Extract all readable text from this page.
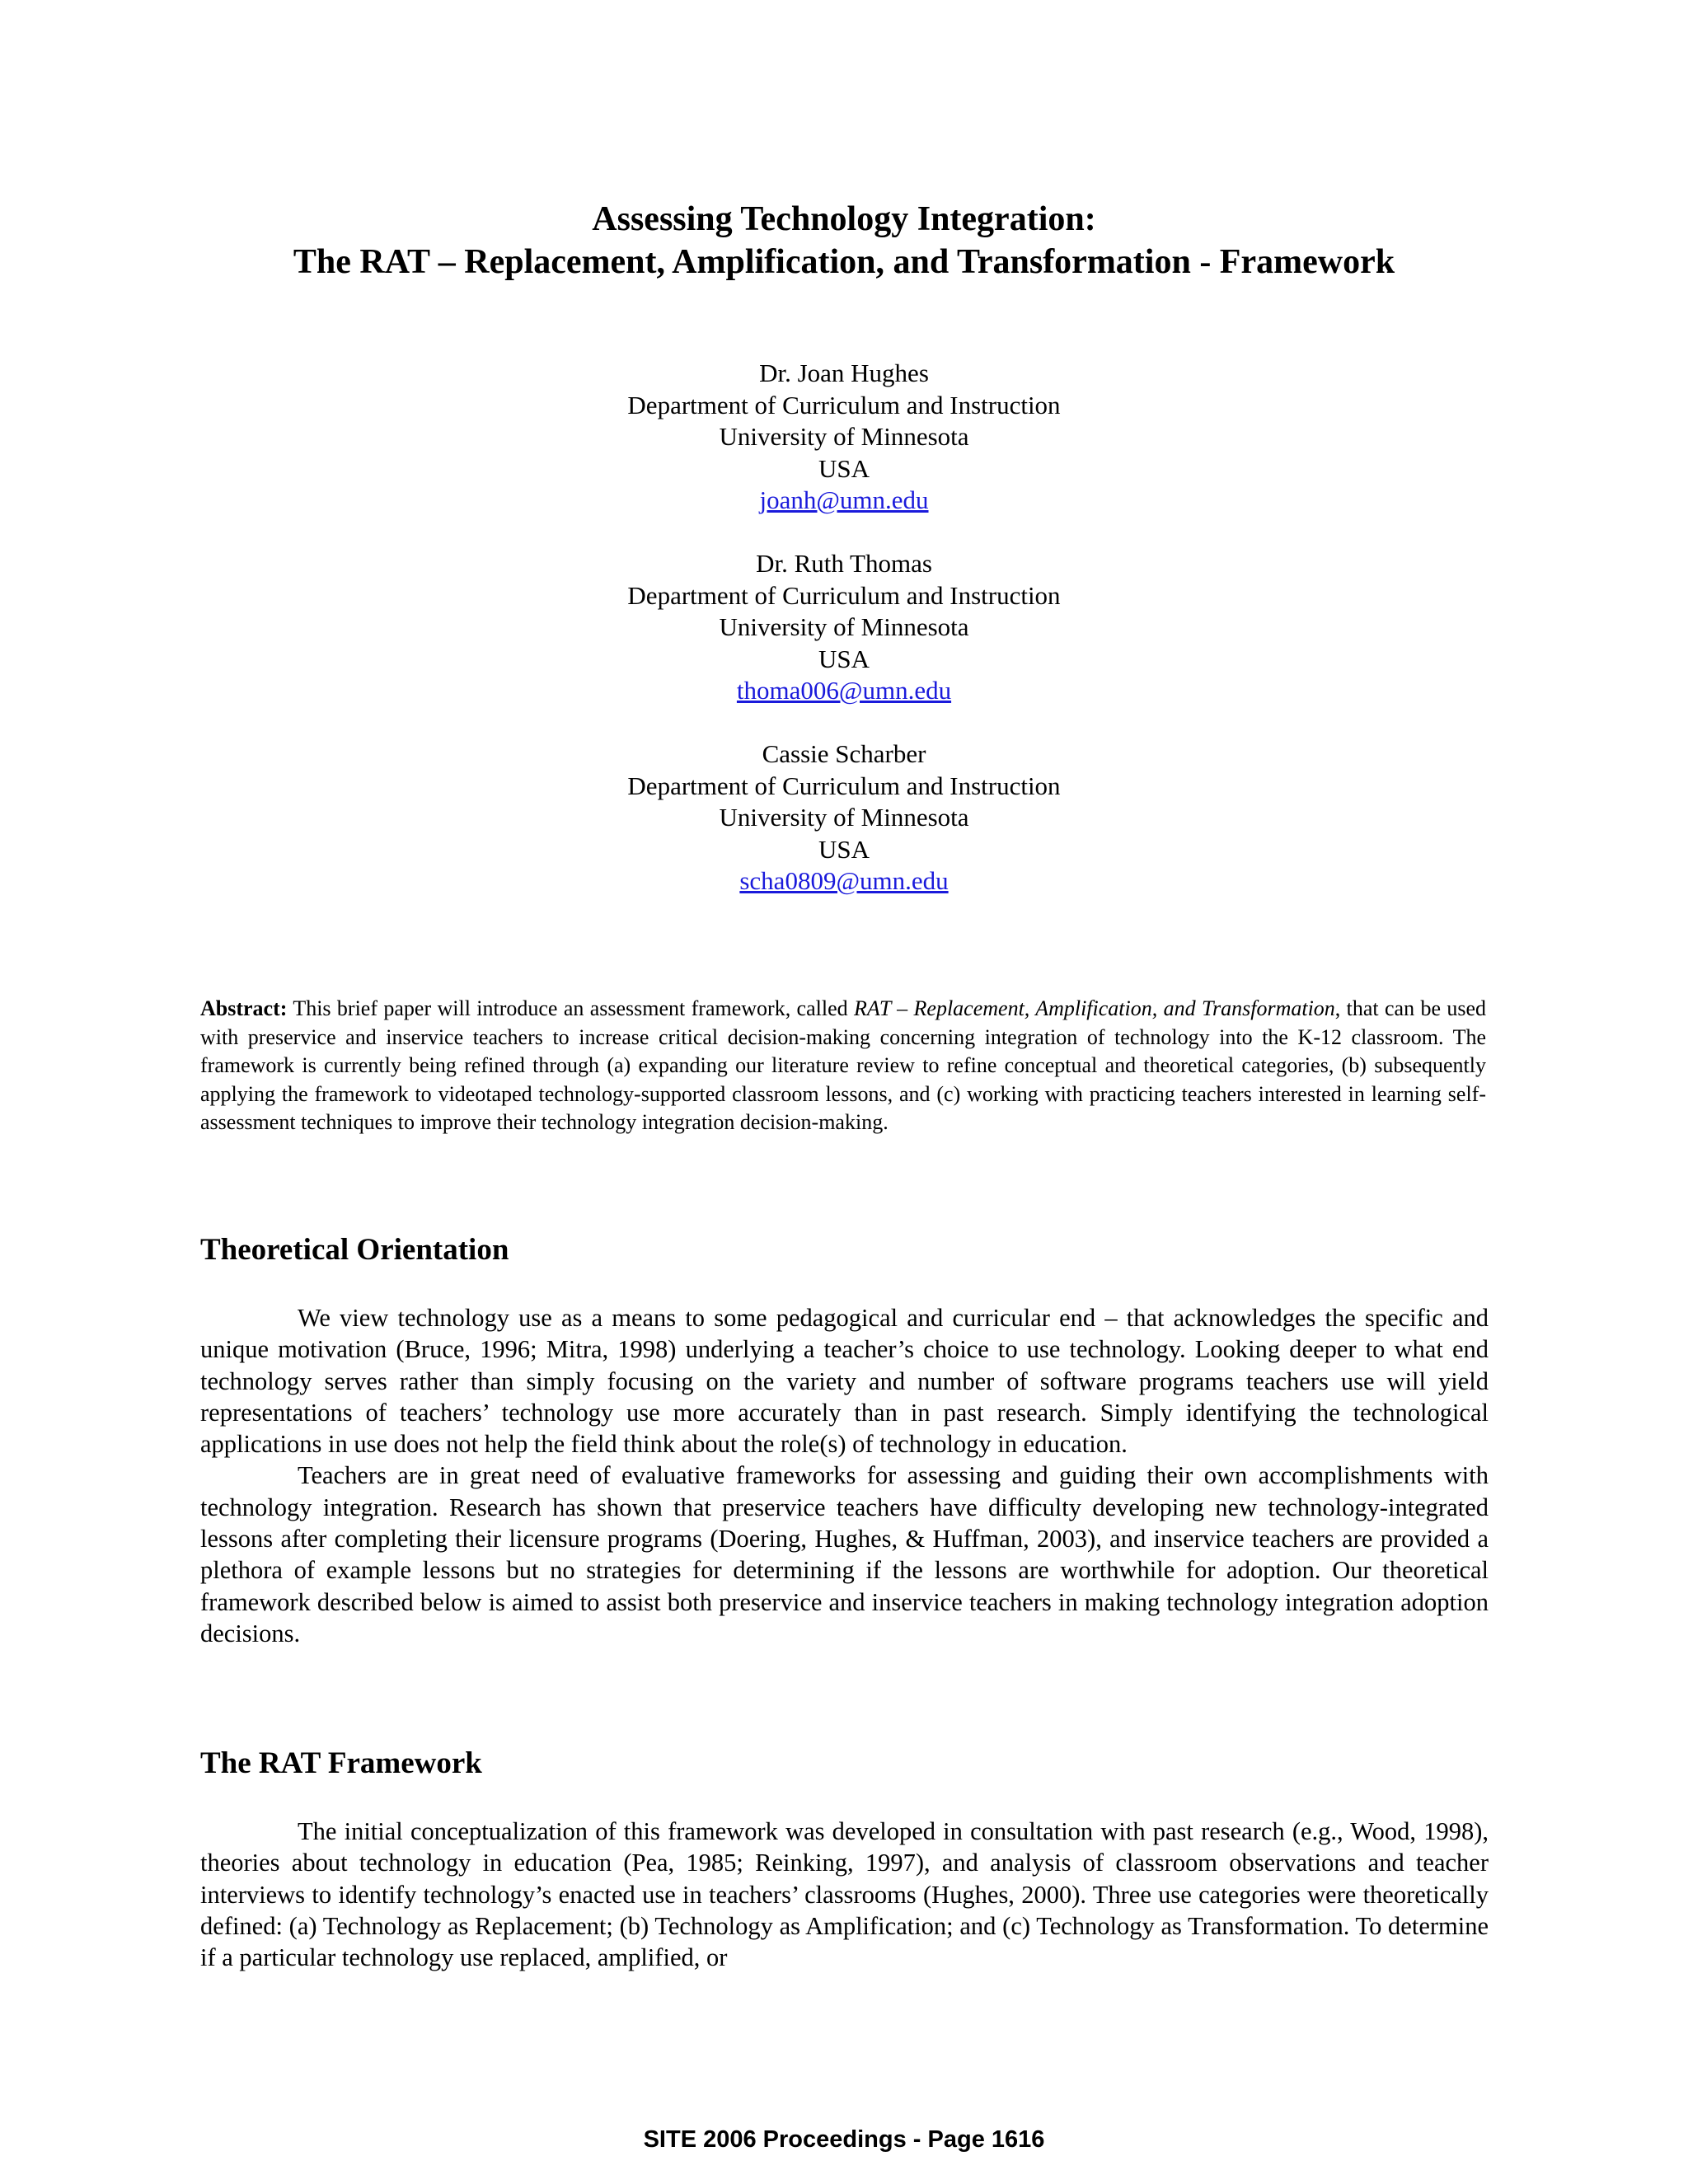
Assessing Technology Integration:
The RAT – Replacement, Amplification, and Transformation - Framework
Dr. Joan Hughes
Department of Curriculum and Instruction
University of Minnesota
USA
joanh@umn.edu
Dr. Ruth Thomas
Department of Curriculum and Instruction
University of Minnesota
USA
thoma006@umn.edu
Cassie Scharber
Department of Curriculum and Instruction
University of Minnesota
USA
scha0809@umn.edu
Abstract: This brief paper will introduce an assessment framework, called RAT – Replacement, Amplification, and Transformation, that can be used with preservice and inservice teachers to increase critical decision-making concerning integration of technology into the K-12 classroom. The framework is currently being refined through (a) expanding our literature review to refine conceptual and theoretical categories, (b) subsequently applying the framework to videotaped technology-supported classroom lessons, and (c) working with practicing teachers interested in learning self-assessment techniques to improve their technology integration decision-making.
Theoretical Orientation

We view technology use as a means to some pedagogical and curricular end – that acknowledges the specific and unique motivation (Bruce, 1996; Mitra, 1998) underlying a teacher’s choice to use technology. Looking deeper to what end technology serves rather than simply focusing on the variety and number of software programs teachers use will yield representations of teachers’ technology use more accurately than in past research. Simply identifying the technological applications in use does not help the field think about the role(s) of technology in education.

Teachers are in great need of evaluative frameworks for assessing and guiding their own accomplishments with technology integration. Research has shown that preservice teachers have difficulty developing new technology-integrated lessons after completing their licensure programs (Doering, Hughes, & Huffman, 2003), and inservice teachers are provided a plethora of example lessons but no strategies for determining if the lessons are worthwhile for adoption. Our theoretical framework described below is aimed to assist both preservice and inservice teachers in making technology integration adoption decisions.

The RAT Framework

The initial conceptualization of this framework was developed in consultation with past research (e.g., Wood, 1998), theories about technology in education (Pea, 1985; Reinking, 1997), and analysis of classroom observations and teacher interviews to identify technology’s enacted use in teachers’ classrooms (Hughes, 2000). Three use categories were theoretically defined: (a) Technology as Replacement; (b) Technology as Amplification; and (c) Technology as Transformation. To determine if a particular technology use replaced, amplified, or

SITE 2006 Proceedings - Page 1616
